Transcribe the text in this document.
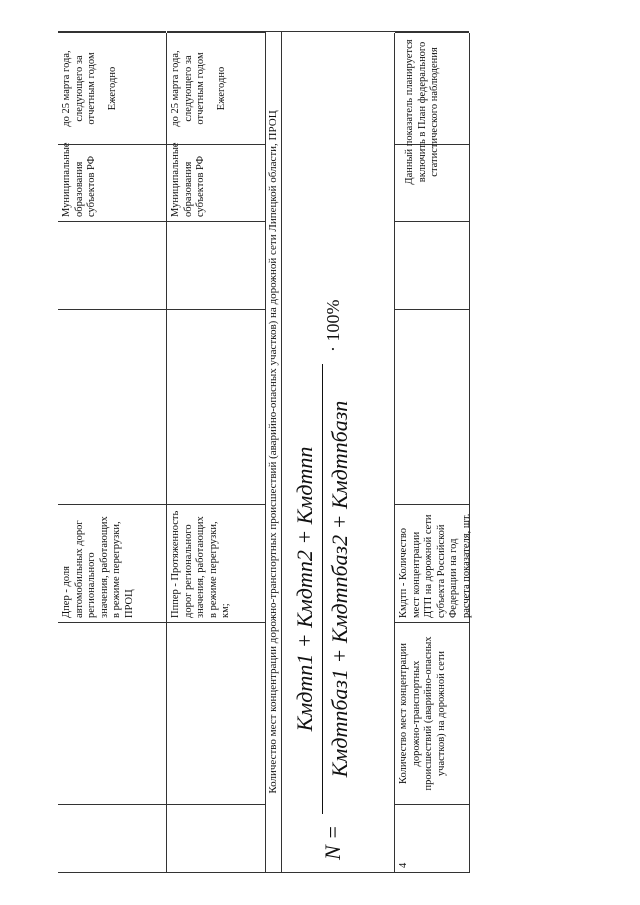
Дпер - доля автомобильных дорог регионального значения, работающих в режиме перегрузки, ПРОЦ
Муниципальные образования субъектов РФ
до 25 марта года, следующего за отчетным годом Ежегодно
Пппер - Протяженность дорог регионального значения, работающих в режиме перегрузки, км;
Муниципальные образования субъектов РФ
до 25 марта года, следующего за отчетным годом Ежегодно
Количество мест концентрации дорожно-транспортных происшествий (аварийно-опасных участков) на дорожной сети Липецкой области, ПРОЦ
N =
Кмдтп1 + Кмдтп2 + Кмдтпп Кмдтпбаз1 + Кмдтпбаз2 + Кмдтпбазп
· 100%
4
Количество мест концентрации дорожно-транспортных происшествий (аварийно-опасных участков) на дорожной сети
Кмдтп - Количество мест концентрации ДТП на дорожной сети субъекта Российской Федерации на год расчета показателя, шт.
Данный показатель планируется включить в План федерального статистического наблюдения
